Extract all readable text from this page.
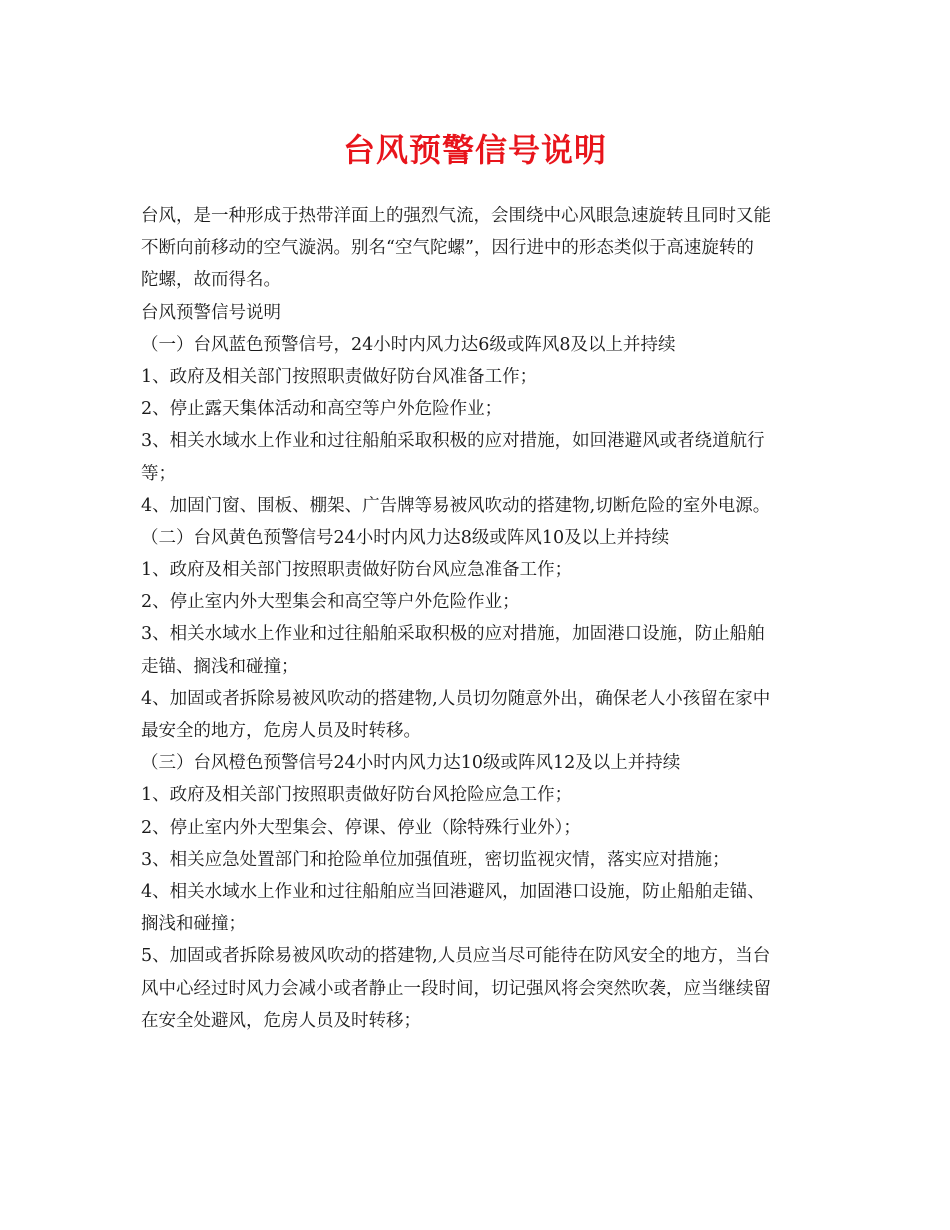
台风预警信号说明
台风，是一种形成于热带洋面上的强烈气流，会围绕中心风眼急速旋转且同时又能
不断向前移动的空气漩涡。别名“空气陀螺”，因行进中的形态类似于高速旋转的
陀螺，故而得名。
台风预警信号说明
（一）台风蓝色预警信号，24小时内风力达6级或阵风8及以上并持续
1、政府及相关部门按照职责做好防台风准备工作；
2、停止露天集体活动和高空等户外危险作业；
3、相关水域水上作业和过往船舶采取积极的应对措施，如回港避风或者绕道航行
等；
4、加固门窗、围板、棚架、广告牌等易被风吹动的搭建物,切断危险的室外电源。
（二）台风黄色预警信号24小时内风力达8级或阵风10及以上并持续
1、政府及相关部门按照职责做好防台风应急准备工作；
2、停止室内外大型集会和高空等户外危险作业；
3、相关水域水上作业和过往船舶采取积极的应对措施，加固港口设施，防止船舶
走锚、搁浅和碰撞；
4、加固或者拆除易被风吹动的搭建物,人员切勿随意外出，确保老人小孩留在家中
最安全的地方，危房人员及时转移。
（三）台风橙色预警信号24小时内风力达10级或阵风12及以上并持续
1、政府及相关部门按照职责做好防台风抢险应急工作；
2、停止室内外大型集会、停课、停业（除特殊行业外）；
3、相关应急处置部门和抢险单位加强值班，密切监视灾情，落实应对措施；
4、相关水域水上作业和过往船舶应当回港避风，加固港口设施，防止船舶走锚、
搁浅和碰撞；
5、加固或者拆除易被风吹动的搭建物,人员应当尽可能待在防风安全的地方，当台
风中心经过时风力会减小或者静止一段时间，切记强风将会突然吹袭，应当继续留
在安全处避风，危房人员及时转移；
